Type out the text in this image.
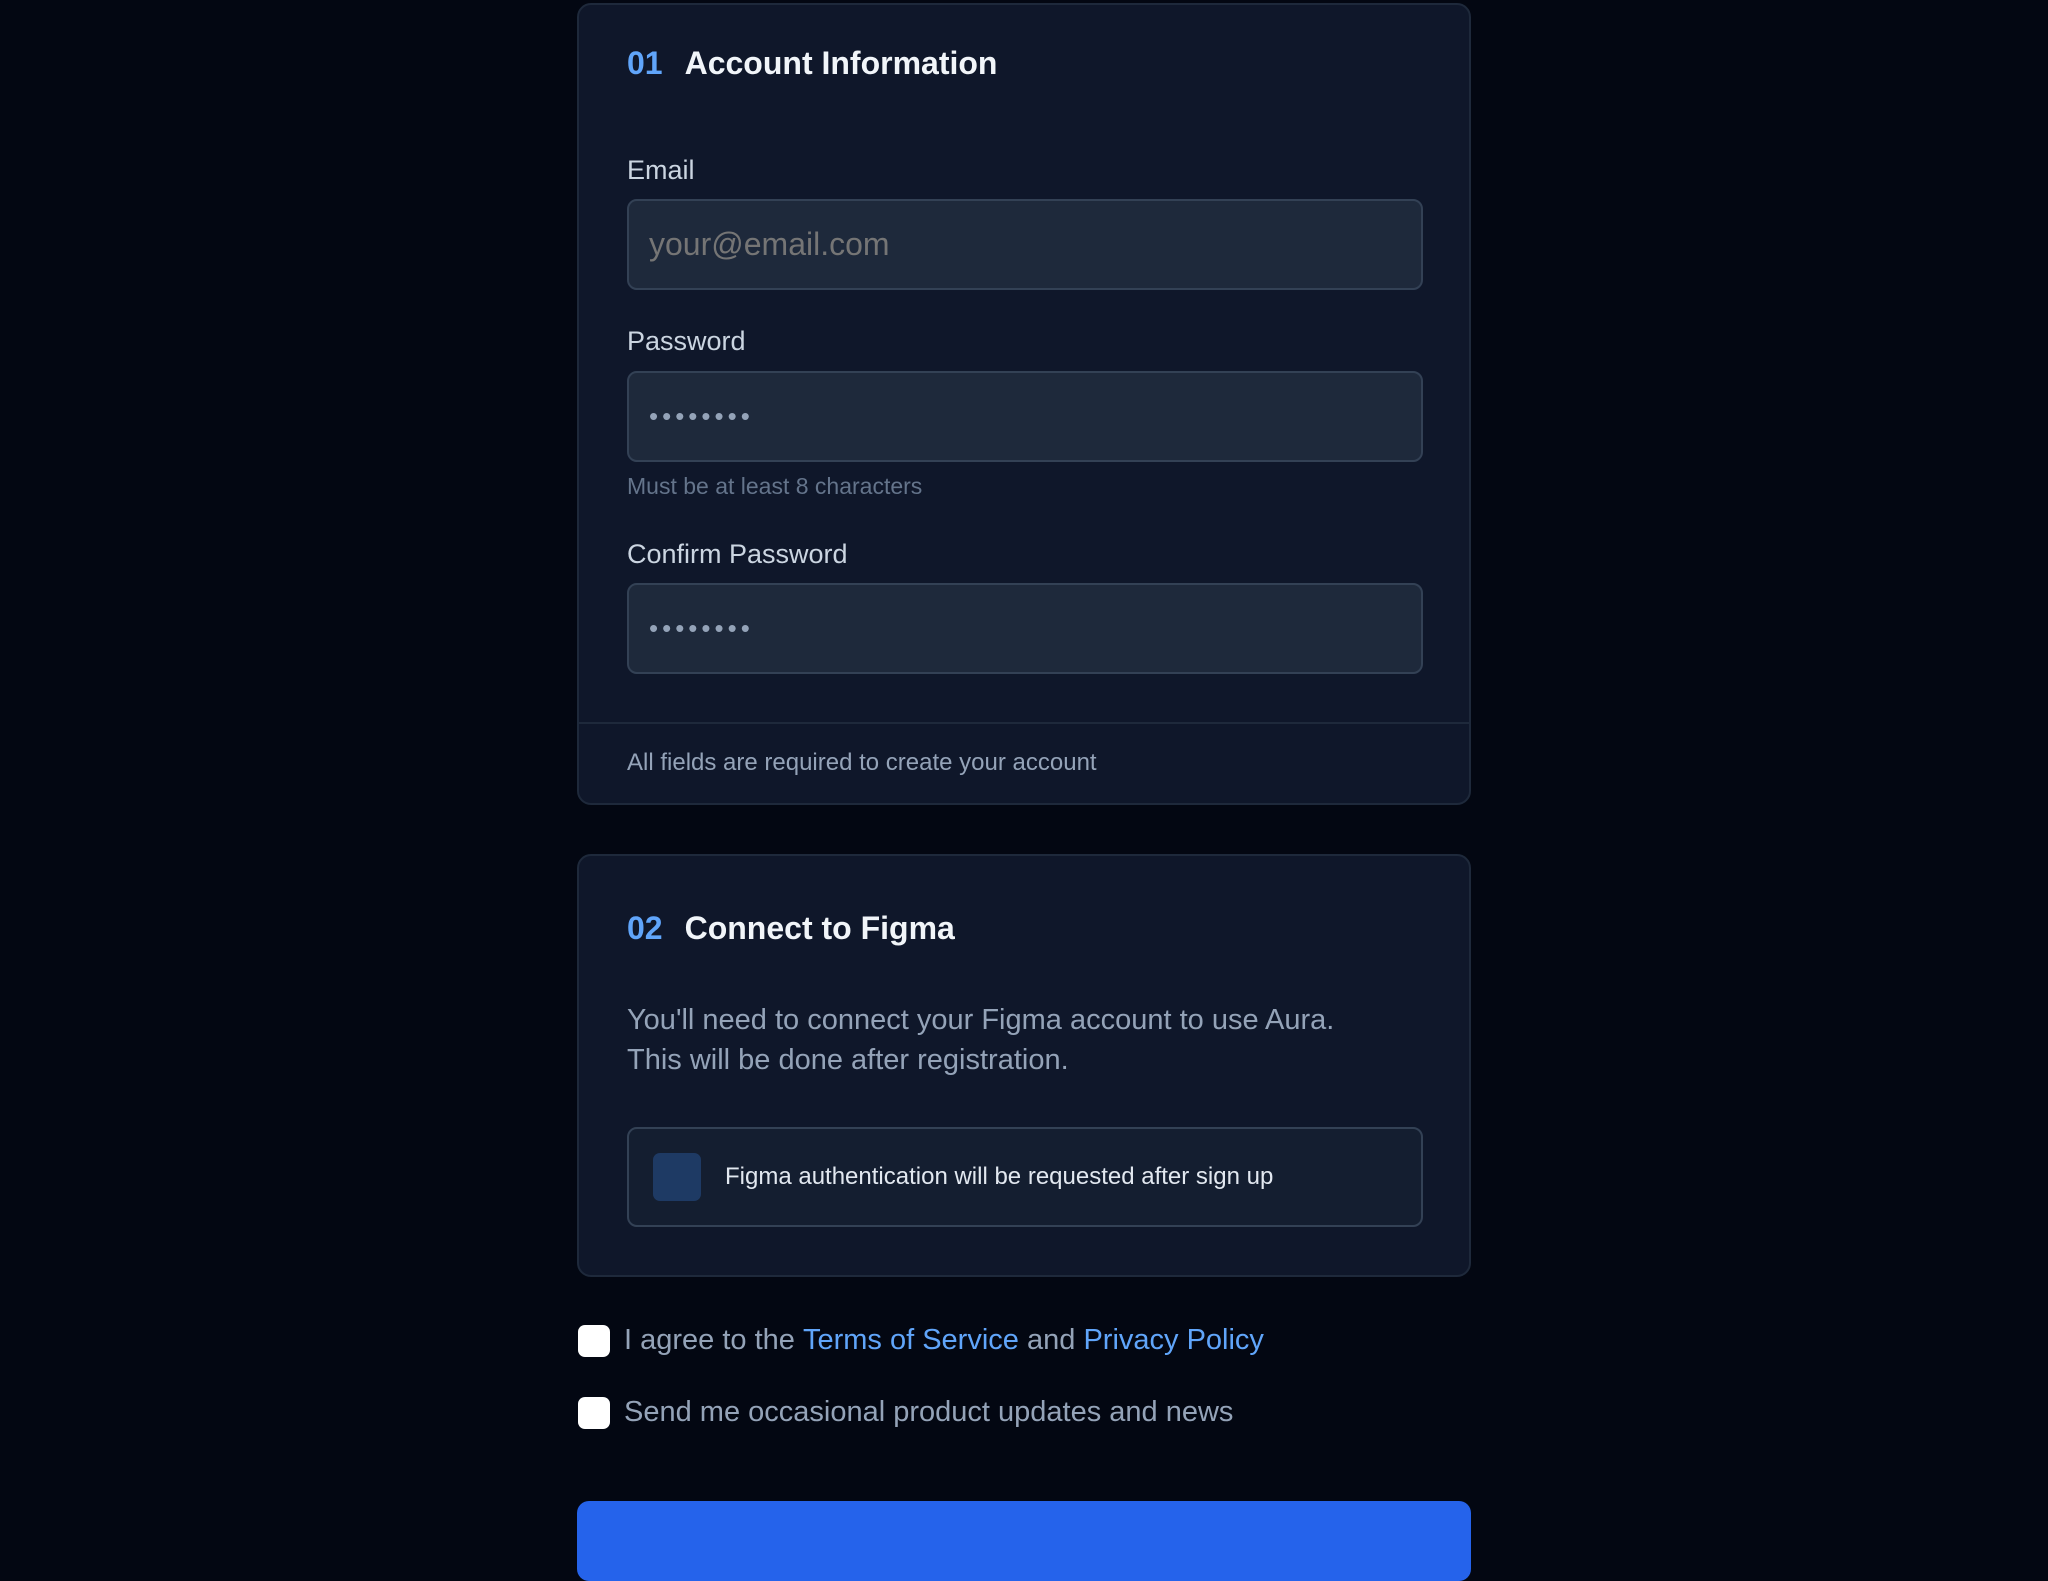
01 Account Information
Email
your@email.com
Password
••••••••
Must be at least 8 characters
Confirm Password
••••••••
All fields are required to create your account
02 Connect to Figma
You'll need to connect your Figma account to use Aura.
This will be done after registration.
Figma authentication will be requested after sign up
I agree to the
Terms of Service
and
Privacy Policy
Send me occasional product updates and news
